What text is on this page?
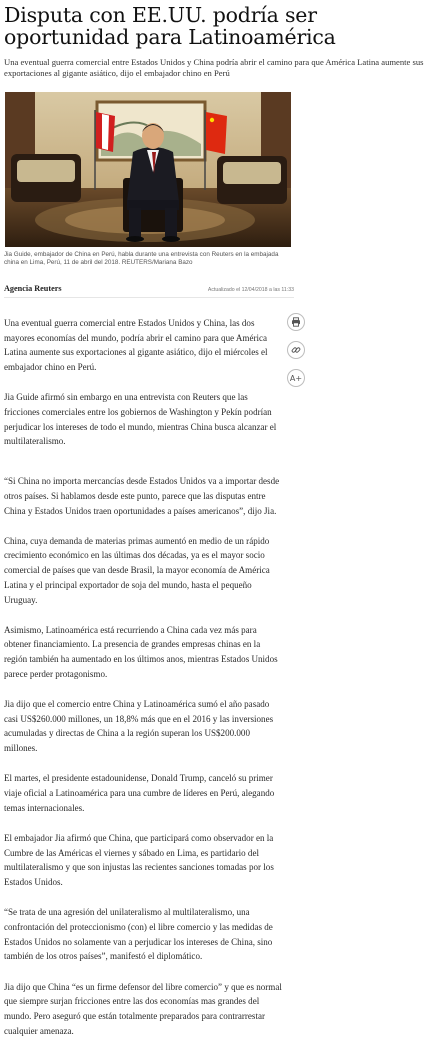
Disputa con EE.UU. podría ser oportunidad para Latinoamérica

Una eventual guerra comercial entre Estados Unidos y China podría abrir el camino para que América Latina aumente sus exportaciones al gigante asiático, dijo el embajador chino en Perú

Jia Guide, embajador de China en Perú, habla durante una entrevista con Reuters en la embajada china en Lima, Perú, 11 de abril del 2018. REUTERS/Mariana Bazo

Agencia Reuters	Actualizado el 12/04/2018 a las 11:33

Una eventual guerra comercial entre Estados Unidos y China, las dos mayores economías del mundo, podría abrir el camino para que América Latina aumente sus exportaciones al gigante asiático, dijo el miércoles el embajador chino en Perú.

Jia Guide afirmó sin embargo en una entrevista con Reuters que las fricciones comerciales entre los gobiernos de Washington y Pekín podrían perjudicar los intereses de todo el mundo, mientras China busca alcanzar el multilateralismo.

“Si China no importa mercancías desde Estados Unidos va a importar desde otros países. Si hablamos desde este punto, parece que las disputas entre China y Estados Unidos traen oportunidades a países americanos”, dijo Jia.

China, cuya demanda de materias primas aumentó en medio de un rápido crecimiento económico en las últimas dos décadas, ya es el mayor socio comercial de países que van desde Brasil, la mayor economía de América Latina y el principal exportador de soja del mundo, hasta el pequeño Uruguay.

Asimismo, Latinoamérica está recurriendo a China cada vez más para obtener financiamiento. La presencia de grandes empresas chinas en la región también ha aumentado en los últimos anos, mientras Estados Unidos parece perder protagonismo.

Jia dijo que el comercio entre China y Latinoamérica sumó el año pasado casi US$260.000 millones, un 18,8% más que en el 2016 y las inversiones acumuladas y directas de China a la región superan los US$200.000 millones.

El martes, el presidente estadounidense, Donald Trump, canceló su primer viaje oficial a Latinoamérica para una cumbre de líderes en Perú, alegando temas internacionales.

El embajador Jia afirmó que China, que participará como observador en la Cumbre de las Américas el viernes y sábado en Lima, es partidario del multilateralismo y que son injustas las recientes sanciones tomadas por los Estados Unidos.

“Se trata de una agresión del unilateralismo al multilateralismo, una confrontación del proteccionismo (con) el libre comercio y las medidas de Estados Unidos no solamente van a perjudicar los intereses de China, sino también de los otros países”, manifestó el diplomático.

Jia dijo que China “es un firme defensor del libre comercio” y que es normal que siempre surjan fricciones entre las dos economías mas grandes del mundo. Pero aseguró que están totalmente preparados para contrarrestar cualquier amenaza.

A+
